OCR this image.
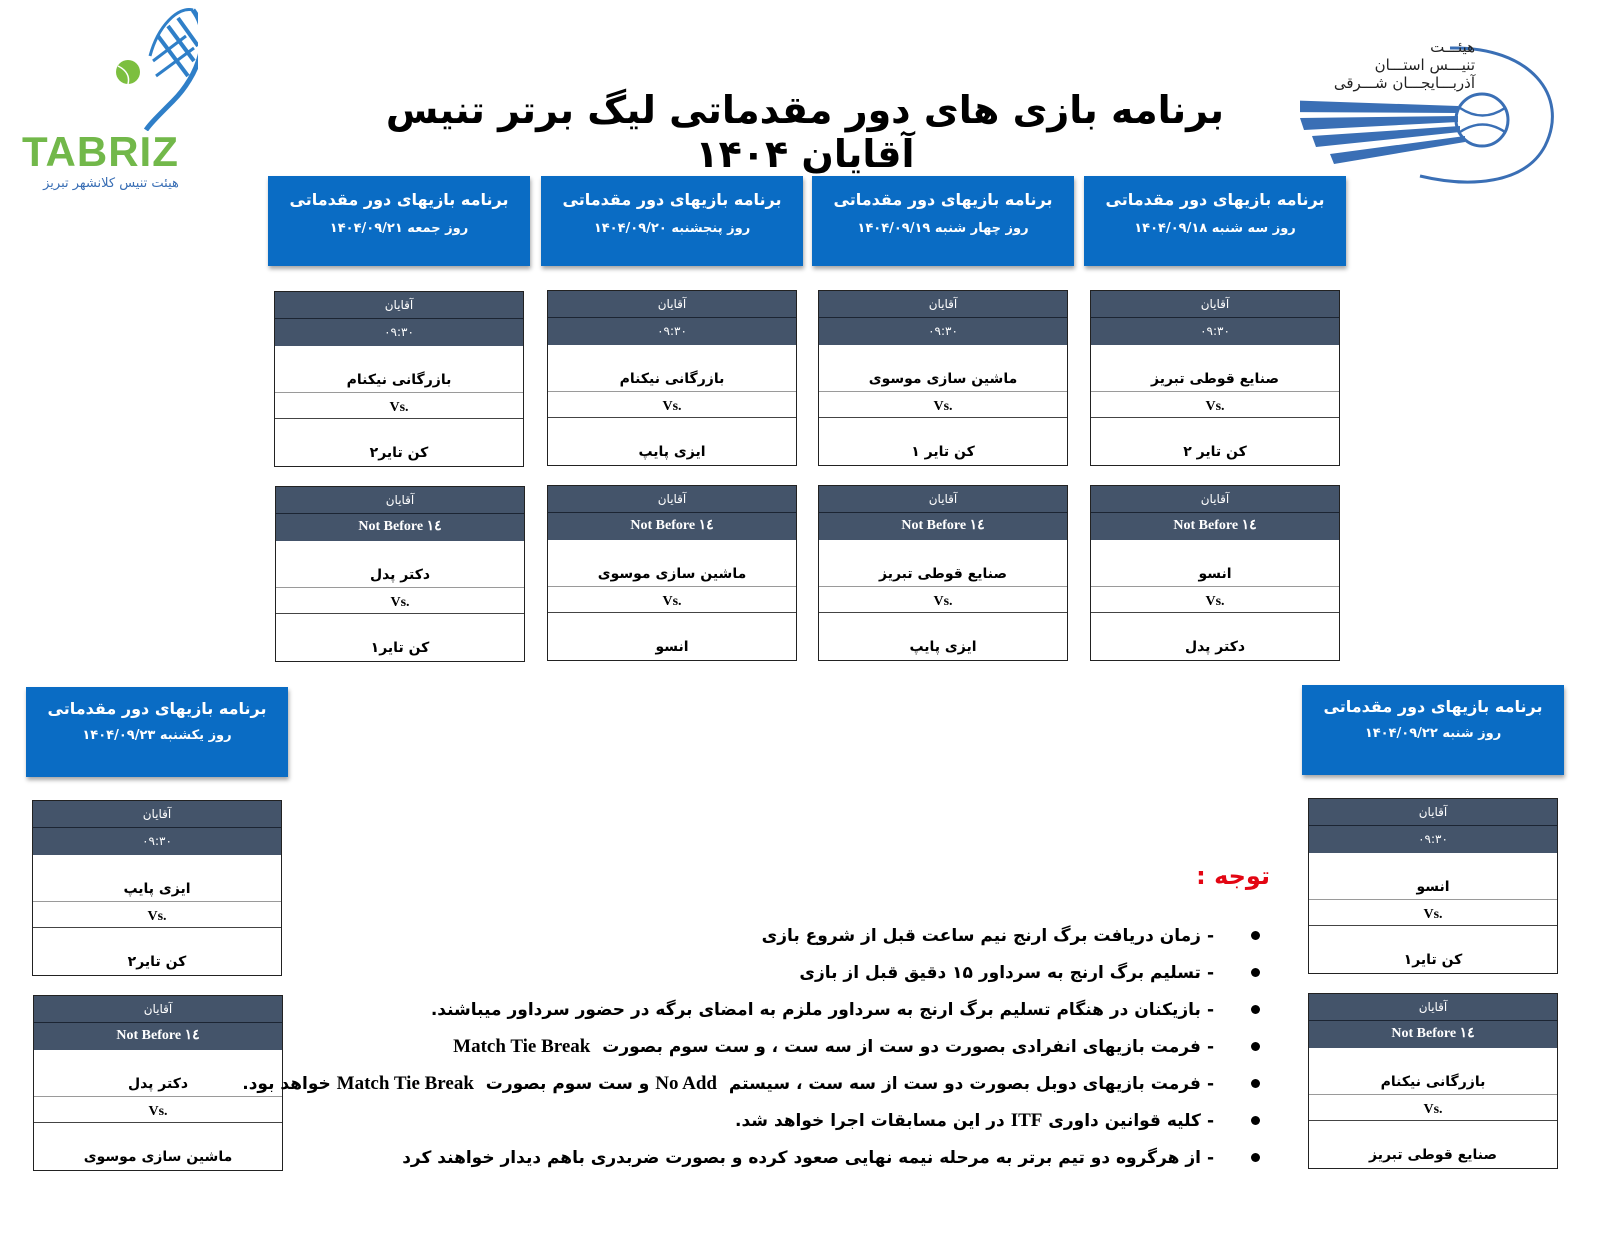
TABRIZ
هیئت تنیس کلانشهر تبریز
هیئـــت
تنیـــس استـــان
آذربـــایجـــان شـــرقی
برنامه بازی های دور مقدماتی لیگ برتر تنیس آقایان ۱۴۰۴
برنامه بازیهای دور مقدماتی
روز سه شنبه ۱۴۰۴/۰۹/۱۸
برنامه بازیهای دور مقدماتی
روز چهار شنبه ۱۴۰۴/۰۹/۱۹
برنامه بازیهای دور مقدماتی
روز پنجشنبه ۱۴۰۴/۰۹/۲۰
برنامه بازیهای دور مقدماتی
روز جمعه ۱۴۰۴/۰۹/۲۱
برنامه بازیهای دور مقدماتی
روز شنبه ۱۴۰۴/۰۹/۲۲
برنامه بازیهای دور مقدماتی
روز یکشنبه ۱۴۰۴/۰۹/۲۳
آقایان
۰۹:۳۰
صنایع قوطی تبریز
Vs.
کن تایر ۲
آقایان
Not Before ١٤
انسو
Vs.
دکتر پدل
آقایان
۰۹:۳۰
ماشین سازی موسوی
Vs.
کن تایر ۱
آقایان
Not Before ١٤
صنایع قوطی تبریز
Vs.
ایزی پایپ
آقایان
۰۹:۳۰
بازرگانی نیکنام
Vs.
ایزی پایپ
آقایان
Not Before ١٤
ماشین سازی موسوی
Vs.
انسو
آقایان
۰۹:۳۰
بازرگانی نیکنام
Vs.
کن تایر۲
آقایان
Not Before ١٤
دکتر پدل
Vs.
کن تایر۱
آقایان
۰۹:۳۰
انسو
Vs.
کن تایر۱
آقایان
Not Before ١٤
بازرگانی نیکنام
Vs.
صنایع قوطی تبریز
آقایان
۰۹:۳۰
ایزی پایپ
Vs.
کن تایر۲
آقایان
Not Before ١٤
دکتر پدل
Vs.
ماشین سازی موسوی
توجه :
-زمان دریافت برگ ارنج نیم ساعت قبل از شروع بازی
-تسلیم برگ ارنج به سرداور ۱۵ دقیق قبل از بازی
-بازیکنان در هنگام تسلیم برگ ارنج به سرداور ملزم به امضای برگه در حضور سرداور میباشند.
-فرمت بازیهای انفرادی بصورت دو ست از سه ست ، و ست سوم بصورت  Match Tie Break
-فرمت بازیهای دوبل بصورت دو ست از سه ست ، سیستم  No Add و ست سوم بصورت  Match Tie Break خواهد بود.
-کلیه قوانین داوری ITF در این مسابقات اجرا خواهد شد.
-از هرگروه دو تیم برتر به مرحله نیمه نهایی صعود کرده و بصورت ضربدری باهم دیدار خواهند کرد
